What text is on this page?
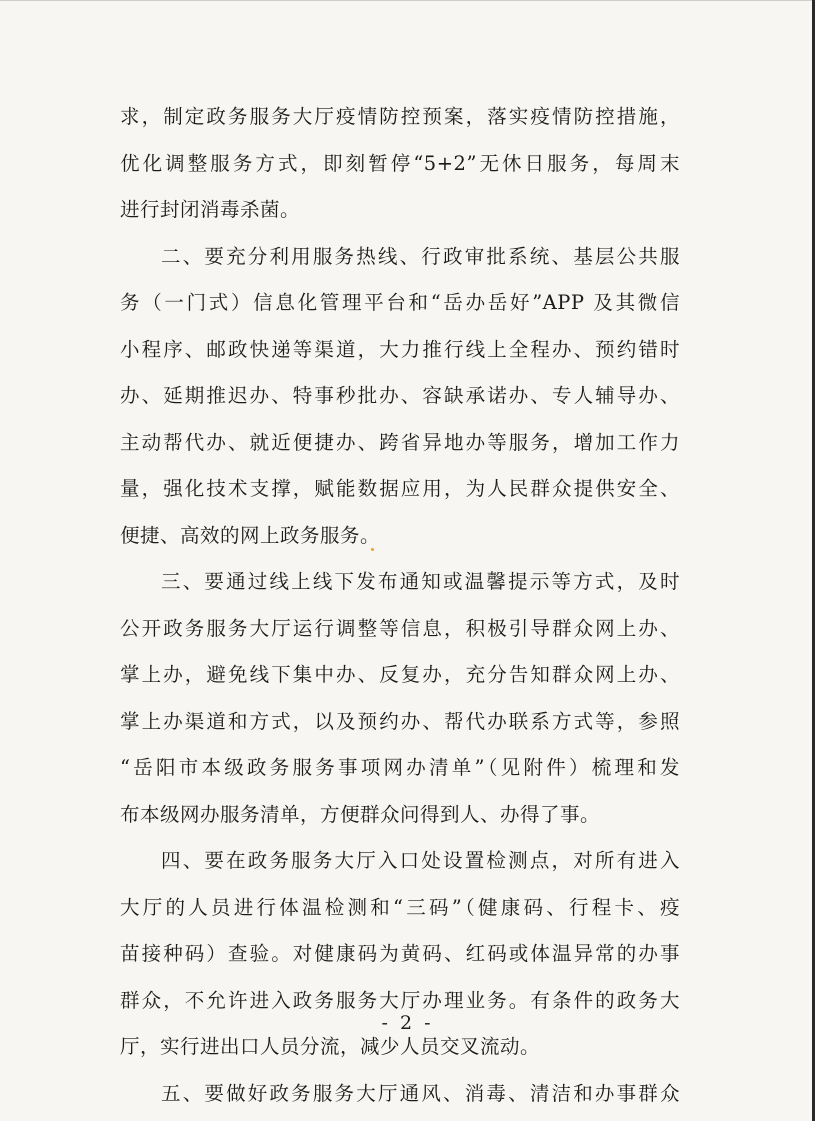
求，制定政务服务大厅疫情防控预案，落实疫情防控措施，
优化调整服务方式，即刻暂停“5+2”无休日服务，每周末
进行封闭消毒杀菌。
二、要充分利用服务热线、行政审批系统、基层公共服
务（一门式）信息化管理平台和“岳办岳好”APP 及其微信
小程序、邮政快递等渠道，大力推行线上全程办、预约错时
办、延期推迟办、特事秒批办、容缺承诺办、专人辅导办、
主动帮代办、就近便捷办、跨省异地办等服务，增加工作力
量，强化技术支撑，赋能数据应用，为人民群众提供安全、
便捷、高效的网上政务服务。
三、要通过线上线下发布通知或温馨提示等方式，及时
公开政务服务大厅运行调整等信息，积极引导群众网上办、
掌上办，避免线下集中办、反复办，充分告知群众网上办、
掌上办渠道和方式，以及预约办、帮代办联系方式等，参照
“岳阳市本级政务服务事项网办清单”（见附件）梳理和发
布本级网办服务清单，方便群众问得到人、办得了事。
四、要在政务服务大厅入口处设置检测点，对所有进入
大厅的人员进行体温检测和“三码”（健康码、行程卡、疫
苗接种码）查验。对健康码为黄码、红码或体温异常的办事
群众，不允许进入政务服务大厅办理业务。有条件的政务大
厅，实行进出口人员分流，减少人员交叉流动。
五、要做好政务服务大厅通风、消毒、清洁和办事群众
- 2 -
